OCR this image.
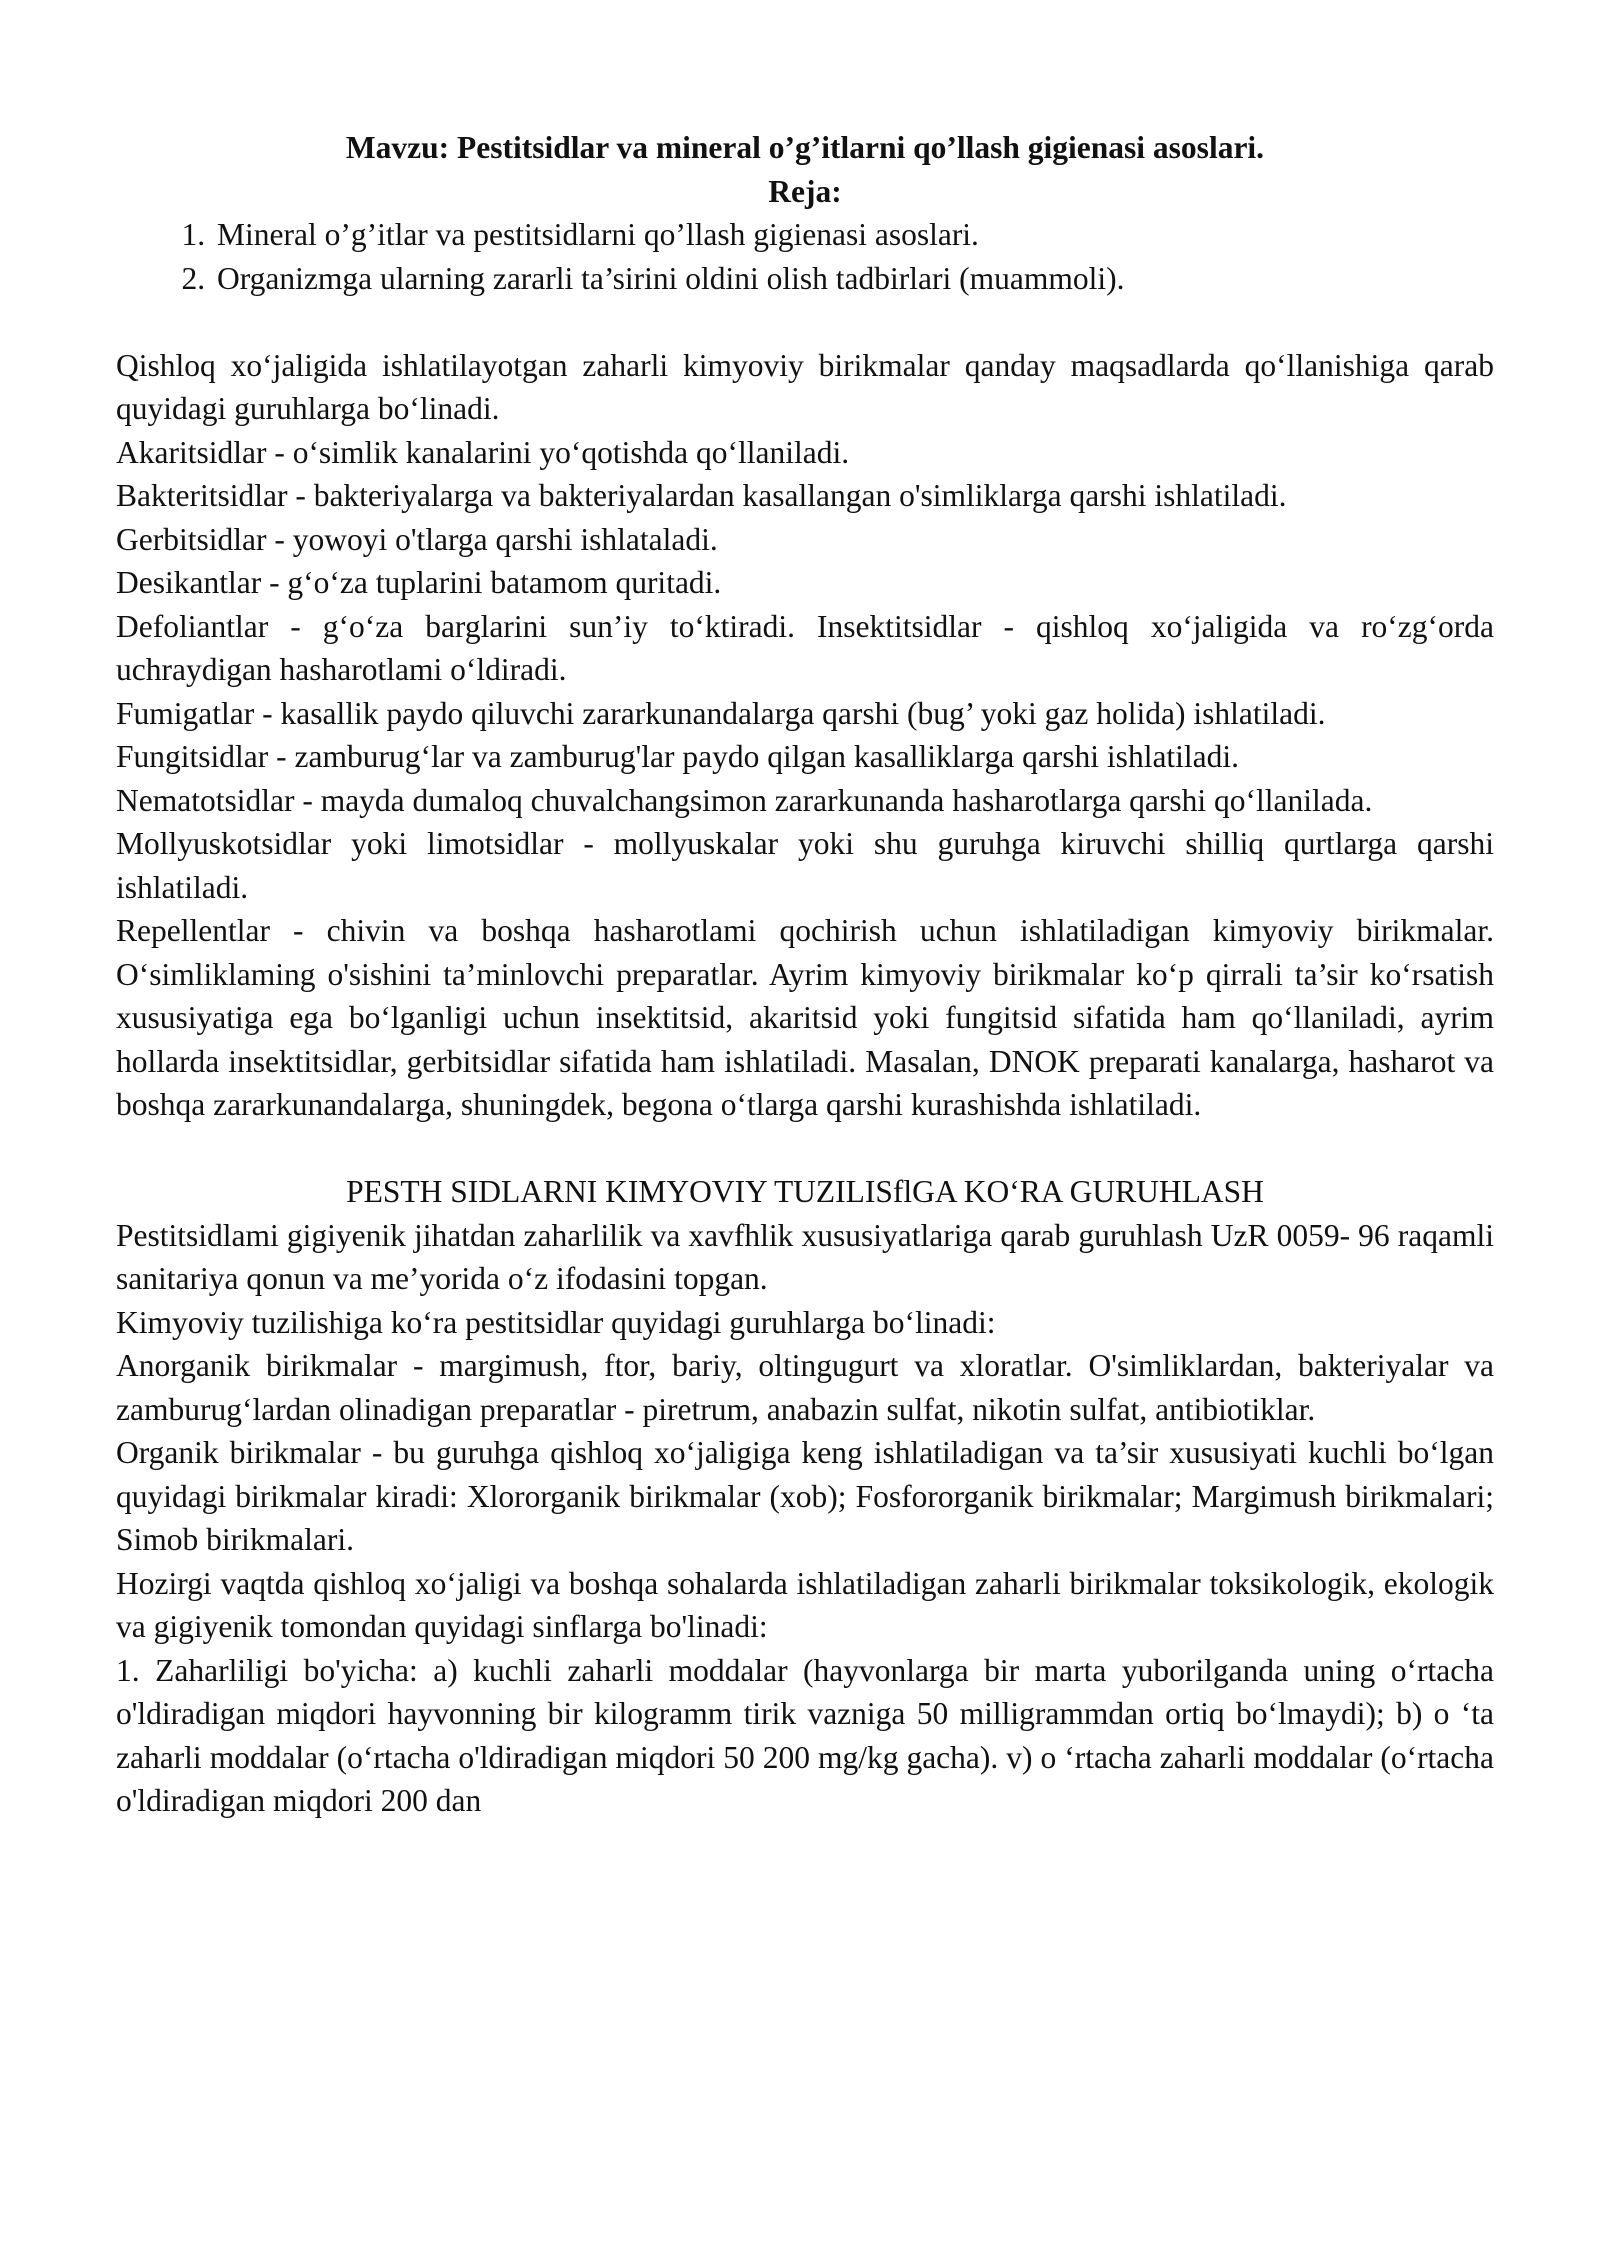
Mavzu: Pestitsidlar va mineral o’g’itlarni qo’llash gigienasi asoslari.

Reja:

1. Mineral o’g’itlar va pestitsidlarni qo’llash gigienasi asoslari.
2. Organizmga ularning zararli ta’sirini oldini olish tadbirlari (muammoli).

Qishloq xo‘jaligida ishlatilayotgan zaharli kimyoviy birikmalar qanday maqsadlarda qo‘llanishiga qarab quyidagi guruhlarga bo‘linadi.

Akaritsidlar - o‘simlik kanalarini yo‘qotishda qo‘llaniladi.

Bakteritsidlar - bakteriyalarga va bakteriyalardan kasallangan o'simliklarga qarshi ishlatiladi.

Gerbitsidlar - yowoyi o'tlarga qarshi ishlataladi.

Desikantlar - g‘o‘za tuplarini batamom quritadi.

Defoliantlar - g‘o‘za barglarini sun’iy to‘ktiradi. Insektitsidlar - qishloq xo‘jaligida va ro‘zg‘orda uchraydigan hasharotlami o‘ldiradi.

Fumigatlar - kasallik paydo qiluvchi zararkunandalarga qarshi (bug’ yoki gaz holida) ishlatiladi.

Fungitsidlar - zamburug‘lar va zamburug'lar paydo qilgan kasalliklarga qarshi ishlatiladi.

Nematotsidlar - mayda dumaloq chuvalchangsimon zararkunanda hasharotlarga qarshi qo‘llanilada.

Mollyuskotsidlar yoki limotsidlar - mollyuskalar yoki shu guruhga kiruvchi shilliq qurtlarga qarshi ishlatiladi.

Repellentlar - chivin va boshqa hasharotlami qochirish uchun ishlatiladigan kimyoviy birikmalar. O‘simliklaming o'sishini ta’minlovchi preparatlar. Ayrim kimyoviy birikmalar ko‘p qirrali ta’sir ko‘rsatish xususiyatiga ega bo‘lganligi uchun insektitsid, akaritsid yoki fungitsid sifatida ham qo‘llaniladi, ayrim hollarda insektitsidlar, gerbitsidlar sifatida ham ishlatiladi. Masalan, DNOK preparati kanalarga, hasharot va boshqa zararkunandalarga, shuningdek, begona o‘tlarga qarshi kurashishda ishlatiladi.

PESTH SIDLARNI KIMYOVIY TUZILISflGA KO‘RA GURUHLASH

Pestitsidlami gigiyenik jihatdan zaharlilik va xavfhlik xususiyatlariga qarab guruhlash UzR 0059- 96 raqamli sanitariya qonun va me’yorida o‘z ifodasini topgan.

Kimyoviy tuzilishiga ko‘ra pestitsidlar quyidagi guruhlarga bo‘linadi:

Anorganik birikmalar - margimush, ftor, bariy, oltingugurt va xloratlar. O'simliklardan, bakteriyalar va zamburug‘lardan olinadigan preparatlar - piretrum, anabazin sulfat, nikotin sulfat, antibiotiklar.

Organik birikmalar - bu guruhga qishloq xo‘jaligiga keng ishlatiladigan va ta’sir xususiyati kuchli bo‘lgan quyidagi birikmalar kiradi: Xlororganik birikmalar (xob); Fosfororganik birikmalar; Margimush birikmalari; Simob birikmalari.

Hozirgi vaqtda qishloq xo‘jaligi va boshqa sohalarda ishlatiladigan zaharli birikmalar toksikologik, ekologik va gigiyenik tomondan quyidagi sinflarga bo'linadi:

1. Zaharliligi bo'yicha: a) kuchli zaharli moddalar (hayvonlarga bir marta yuborilganda uning o‘rtacha o'ldiradigan miqdori hayvonning bir kilogramm tirik vazniga 50 milligrammdan ortiq bo‘lmaydi); b) o ‘ta zaharli moddalar (o‘rtacha o'ldiradigan miqdori 50 200 mg/kg gacha). v) o ‘rtacha zaharli moddalar (o‘rtacha o'ldiradigan miqdori 200 dan
